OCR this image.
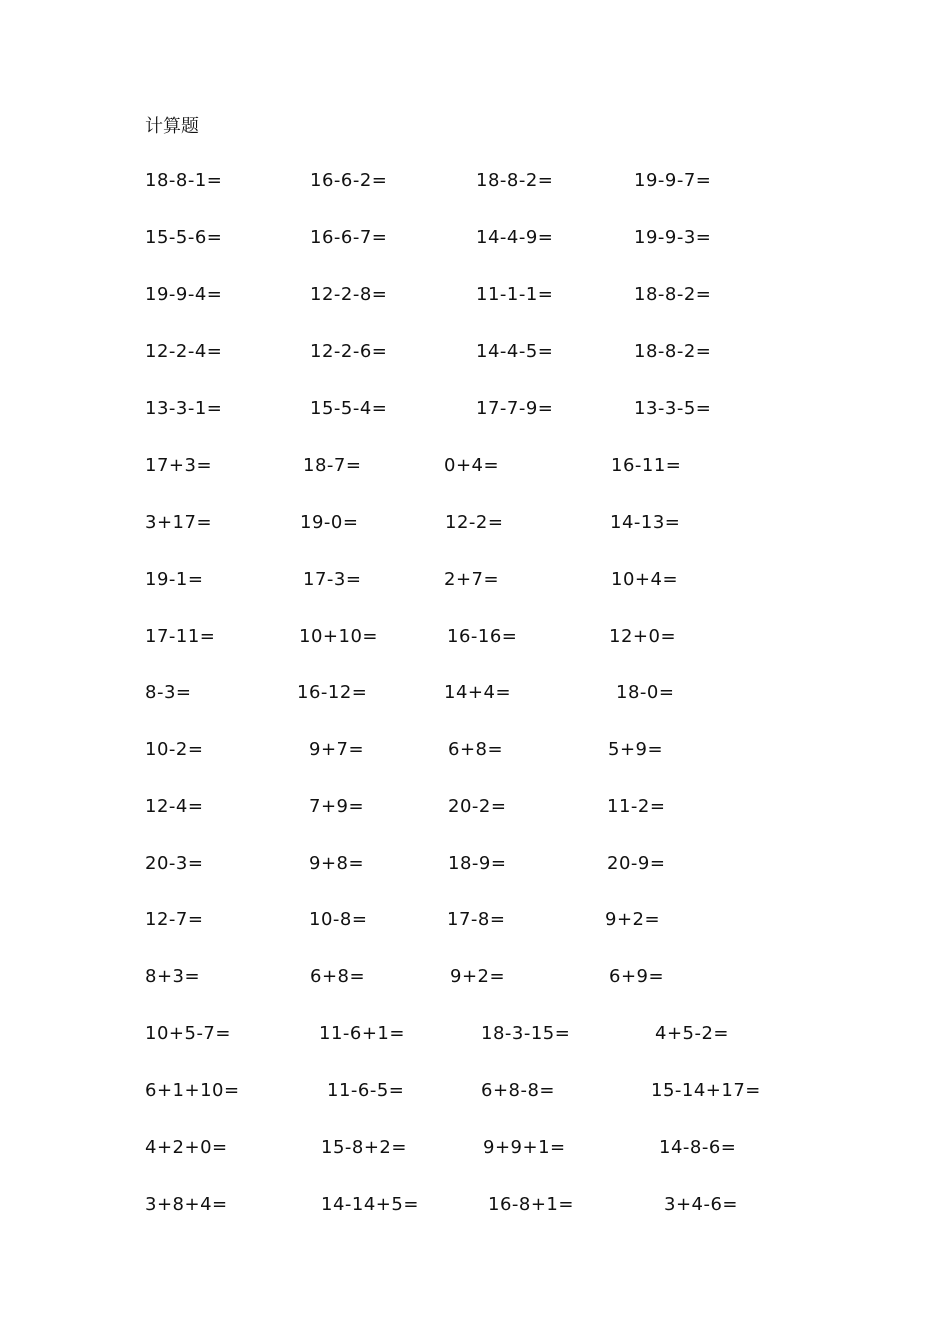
计算题
18-8-1=	16-6-2=	18-8-2=	19-9-7=
15-5-6=	16-6-7=	14-4-9=	19-9-3=
19-9-4=	12-2-8=	11-1-1=	18-8-2=
12-2-4=	12-2-6=	14-4-5=	18-8-2=
13-3-1=	15-5-4=	17-7-9=	13-3-5=
17+3=	18-7=	0+4=	16-11=
3+17=	19-0=	12-2=	14-13=
19-1=	17-3=	2+7=	10+4=
17-11=	10+10=	16-16=	12+0=
8-3=	16-12=	14+4=	18-0=
10-2=	9+7=	6+8=	5+9=
12-4=	7+9=	20-2=	11-2=
20-3=	9+8=	18-9=	20-9=
12-7=	10-8=	17-8=	9+2=
8+3=	6+8=	9+2=	6+9=
10+5-7=	11-6+1=	18-3-15=	4+5-2=
6+1+10=	11-6-5=	6+8-8=	15-14+17=
4+2+0=	15-8+2=	9+9+1=	14-8-6=
3+8+4=	14-14+5=	16-8+1=	3+4-6=
